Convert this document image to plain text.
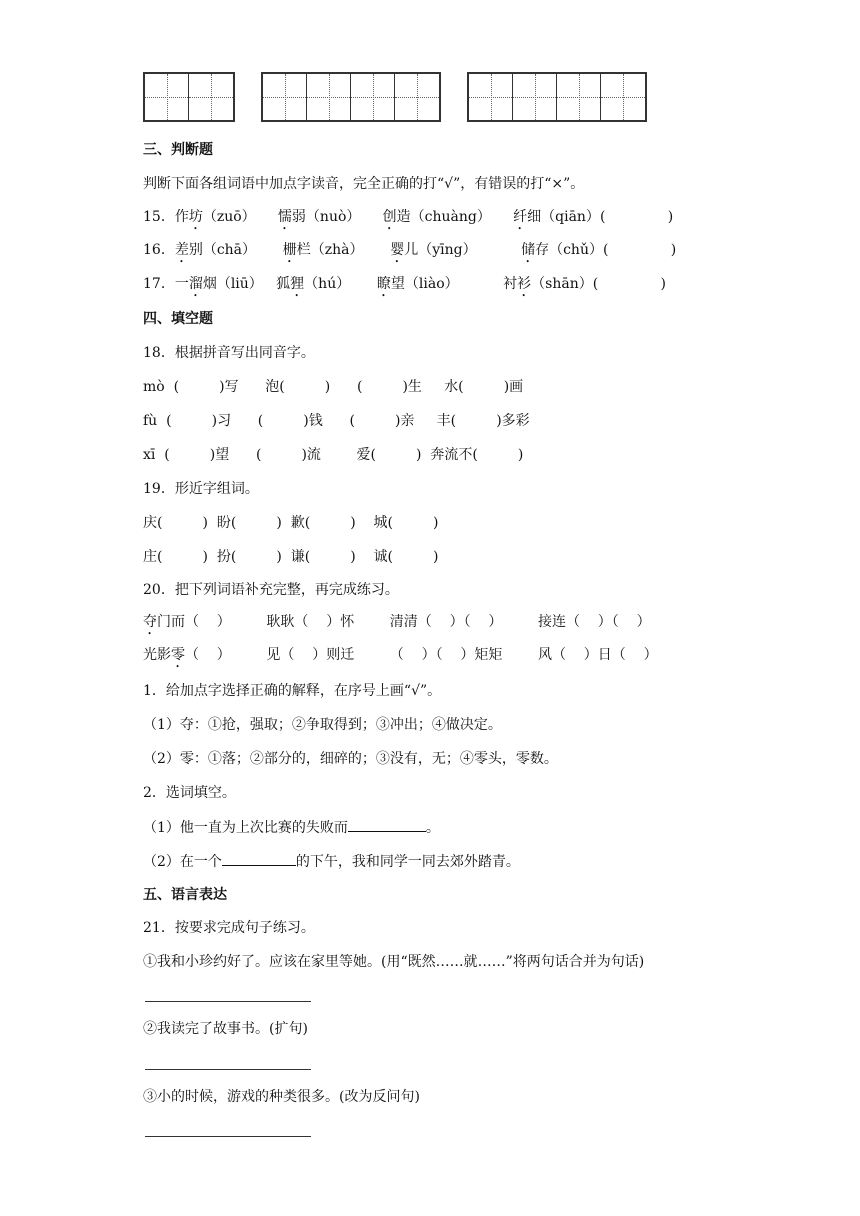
三、判断题
判断下面各组词语中加点字读音，完全正确的打“√”，有错误的打“×”。
15．作坊（zuō） 懦弱（nuò） 创造（chuàng） 纤细（qiān）(              )
16．差别（chā） 栅栏（zhà） 婴儿（yīng）	储存（chǔ）(              )
17．一溜烟（liū） 狐狸（hú） 瞭望（liào）	衬衫（shān）(              )
四、填空题
18．根据拼音写出同音字。
mò  (         )写      泡(         )      (         )生     水(         )画
fù  (         )习      (         )钱      (         )亲     丰(         )多彩
xī  (         )望      (         )流        爱(         )  奔流不(         )
19．形近字组词。
庆(         )  盼(         )  歉(         )    城(         )
庄(         )  扮(         )  谦(         )    诚(         )
20．把下列词语补充完整，再完成练习。
夺门而（    ）        耿耿（    ）怀        清清（    ）（    ）        接连（    ）（    ）
光影零（    ）        见（    ）则迁        （    ）（    ）矩矩        风（    ）日（    ）
1．给加点字选择正确的解释，在序号上画“√”。
（1）夺：①抢，强取；②争取得到；③冲出；④做决定。
（2）零：①落；②部分的，细碎的；③没有，无；④零头，零数。
2．选词填空。
（1）他一直为上次比赛的失败而	。
（2）在一个	的下午，我和同学一同去郊外踏青。
五、语言表达
21．按要求完成句子练习。
①我和小珍约好了。应该在家里等她。(用“既然……就……”将两句话合并为句话)
②我读完了故事书。(扩句)
③小的时候，游戏的种类很多。(改为反问句)
